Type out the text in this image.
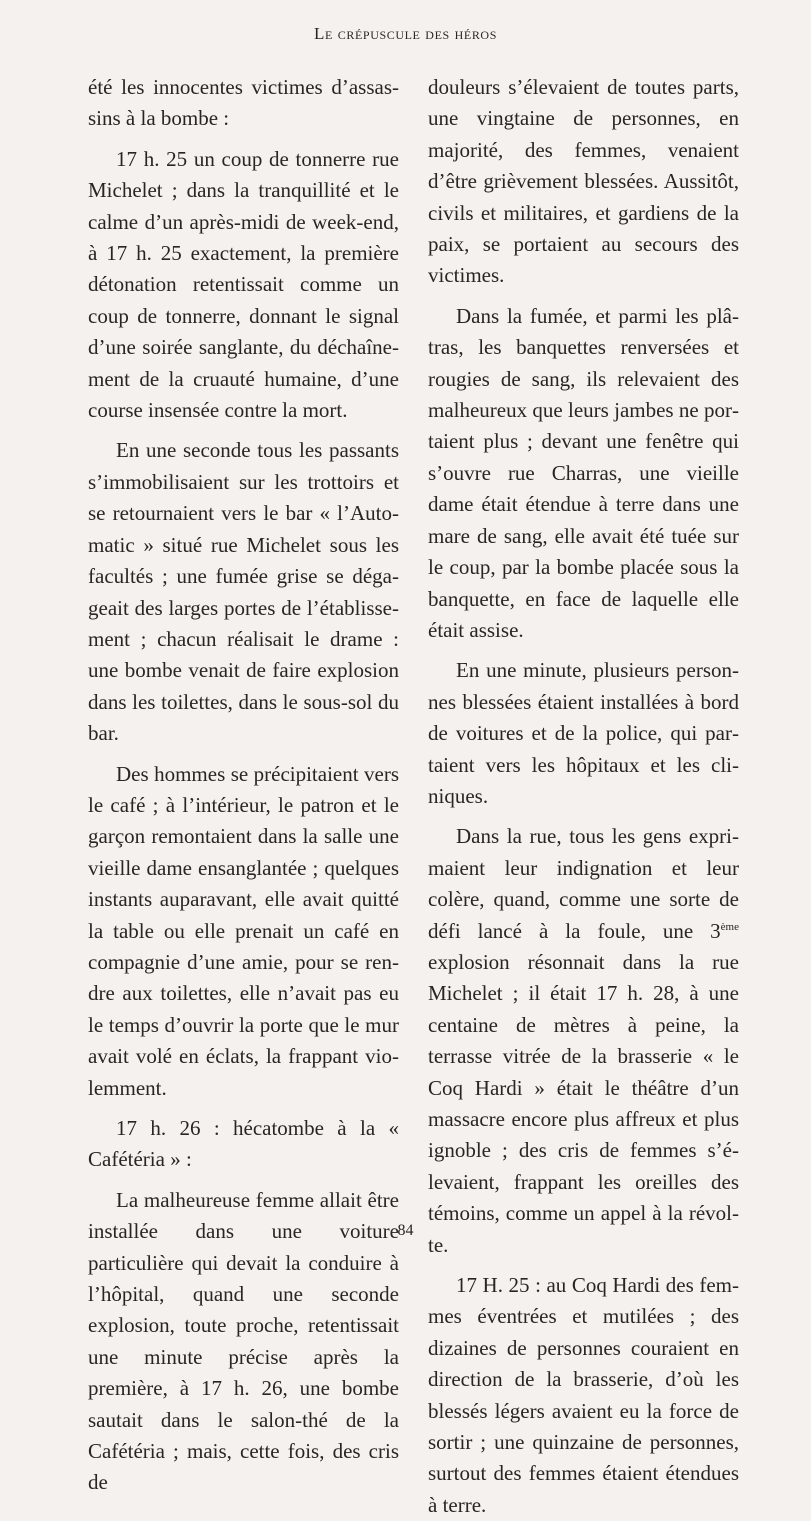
Le crépuscule des héros

été les innocentes victimes d’assassins à la bombe :

17 h. 25 un coup de tonnerre rue Michelet ; dans la tranquillité et le calme d’un après-midi de week-end, à 17 h. 25 exactement, la première détonation retentissait comme un coup de tonnerre, donnant le signal d’une soirée sanglante, du déchaînement de la cruauté humaine, d’une course insensée contre la mort.

En une seconde tous les passants s’immobilisaient sur les trottoirs et se retournaient vers le bar « l’Automatic » situé rue Michelet sous les facultés ; une fumée grise se dégageait des larges portes de l’établissement ; chacun réalisait le drame : une bombe venait de faire explosion dans les toilettes, dans le sous-sol du bar.

Des hommes se précipitaient vers le café ; à l’intérieur, le patron et le garçon remontaient dans la salle une vieille dame ensanglantée ; quelques instants auparavant, elle avait quitté la table ou elle prenait un café en compagnie d’une amie, pour se rendre aux toilettes, elle n’avait pas eu le temps d’ouvrir la porte que le mur avait volé en éclats, la frappant violemment.

17 h. 26 : hécatombe à la « Cafétéria » :

La malheureuse femme allait être installée dans une voiture particulière qui devait la conduire à l’hôpital, quand une seconde explosion, toute proche, retentissait une minute précise après la première, à 17 h. 26, une bombe sautait dans le salon-thé de la Cafétéria ; mais, cette fois, des cris de

douleurs s’élevaient de toutes parts, une vingtaine de personnes, en majorité, des femmes, venaient d’être grièvement blessées. Aussitôt, civils et militaires, et gardiens de la paix, se portaient au secours des victimes.

Dans la fumée, et parmi les plâtras, les banquettes renversées et rougies de sang, ils relevaient des malheureux que leurs jambes ne portaient plus ; devant une fenêtre qui s’ouvre rue Charras, une vieille dame était étendue à terre dans une mare de sang, elle avait été tuée sur le coup, par la bombe placée sous la banquette, en face de laquelle elle était assise.

En une minute, plusieurs personnes blessées étaient installées à bord de voitures et de la police, qui partaient vers les hôpitaux et les cliniques.

Dans la rue, tous les gens exprimaient leur indignation et leur colère, quand, comme une sorte de défi lancé à la foule, une 3ème explosion résonnait dans la rue Michelet ; il était 17 h. 28, à une centaine de mètres à peine, la terrasse vitrée de la brasserie « le Coq Hardi » était le théâtre d’un massacre encore plus affreux et plus ignoble ; des cris de femmes s’élevaient, frappant les oreilles des témoins, comme un appel à la révolte.

17 H. 25 : au Coq Hardi des femmes éventrées et mutilées ; des dizaines de personnes couraient en direction de la brasserie, d’où les blessés légers avaient eu la force de sortir ; une quinzaine de personnes, surtout des femmes étaient étendues à terre.

84
